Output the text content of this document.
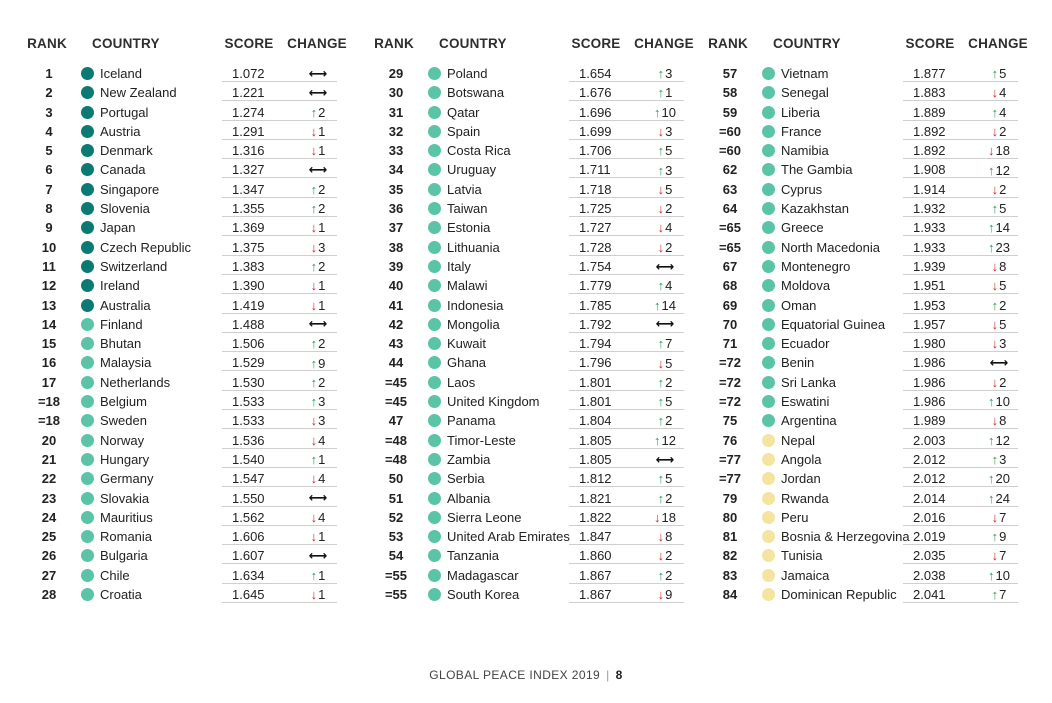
RANK COUNTRY	SCORE CHANGE
1	Iceland	1.072	⟷
2	New Zealand	1.221	⟷
3	Portugal	1.274	↑2
4	Austria	1.291	↓1
5	Denmark	1.316	↓1
6	Canada	1.327	⟷
7	Singapore	1.347	↑2
8	Slovenia	1.355	↑2
9	Japan	1.369	↓1
10	Czech Republic	1.375	↓3
11	Switzerland	1.383	↑2
12	Ireland	1.390	↓1
13	Australia	1.419	↓1
14	Finland	1.488	⟷
15	Bhutan	1.506	↑2
16	Malaysia	1.529	↑9
17	Netherlands	1.530	↑2
=18	Belgium	1.533	↑3
=18	Sweden	1.533	↓3
20	Norway	1.536	↓4
21	Hungary	1.540	↑1
22	Germany	1.547	↓4
23	Slovakia	1.550	⟷
24	Mauritius	1.562	↓4
25	Romania	1.606	↓1
26	Bulgaria	1.607	⟷
27	Chile	1.634	↑1
28	Croatia	1.645	↓1
RANK COUNTRY	SCORE CHANGE
29	Poland	1.654	↑3
30	Botswana	1.676	↑1
31	Qatar	1.696	↑10
32	Spain	1.699	↓3
33	Costa Rica	1.706	↑5
34	Uruguay	1.711	↑3
35	Latvia	1.718	↓5
36	Taiwan	1.725	↓2
37	Estonia	1.727	↓4
38	Lithuania	1.728	↓2
39	Italy	1.754	⟷
40	Malawi	1.779	↑4
41	Indonesia	1.785	↑14
42	Mongolia	1.792	⟷
43	Kuwait	1.794	↑7
44	Ghana	1.796	↓5
=45	Laos	1.801	↑2
=45	United Kingdom	1.801	↑5
47	Panama	1.804	↑2
=48	Timor-Leste	1.805	↑12
=48	Zambia	1.805	⟷
50	Serbia	1.812	↑5
51	Albania	1.821	↑2
52	Sierra Leone	1.822	↓18
53	United Arab Emirates 1.847	↓8
54	Tanzania	1.860	↓2
=55	Madagascar	1.867	↑2
=55	South Korea	1.867	↓9
RANK COUNTRY	SCORE CHANGE
57	Vietnam	1.877	↑5
58	Senegal	1.883	↓4
59	Liberia	1.889	↑4
=60	France	1.892	↓2
=60	Namibia	1.892	↓18
62	The Gambia	1.908	↑12
63	Cyprus	1.914	↓2
64	Kazakhstan	1.932	↑5
=65	Greece	1.933	↑14
=65	North Macedonia	1.933	↑23
67	Montenegro	1.939	↓8
68	Moldova	1.951	↓5
69	Oman	1.953	↑2
70	Equatorial Guinea	1.957	↓5
71	Ecuador	1.980	↓3
=72	Benin	1.986	⟷
=72	Sri Lanka	1.986	↓2
=72	Eswatini	1.986	↑10
75	Argentina	1.989	↓8
76	Nepal	2.003	↑12
=77	Angola	2.012	↑3
=77	Jordan	2.012	↑20
79	Rwanda	2.014	↑24
80	Peru	2.016	↓7
81	Bosnia & Herzegovina 2.019	↑9
82	Tunisia	2.035	↓7
83	Jamaica	2.038	↑10
84	Dominican Republic	2.041	↑7
GLOBAL PEACE INDEX 2019 | 8
